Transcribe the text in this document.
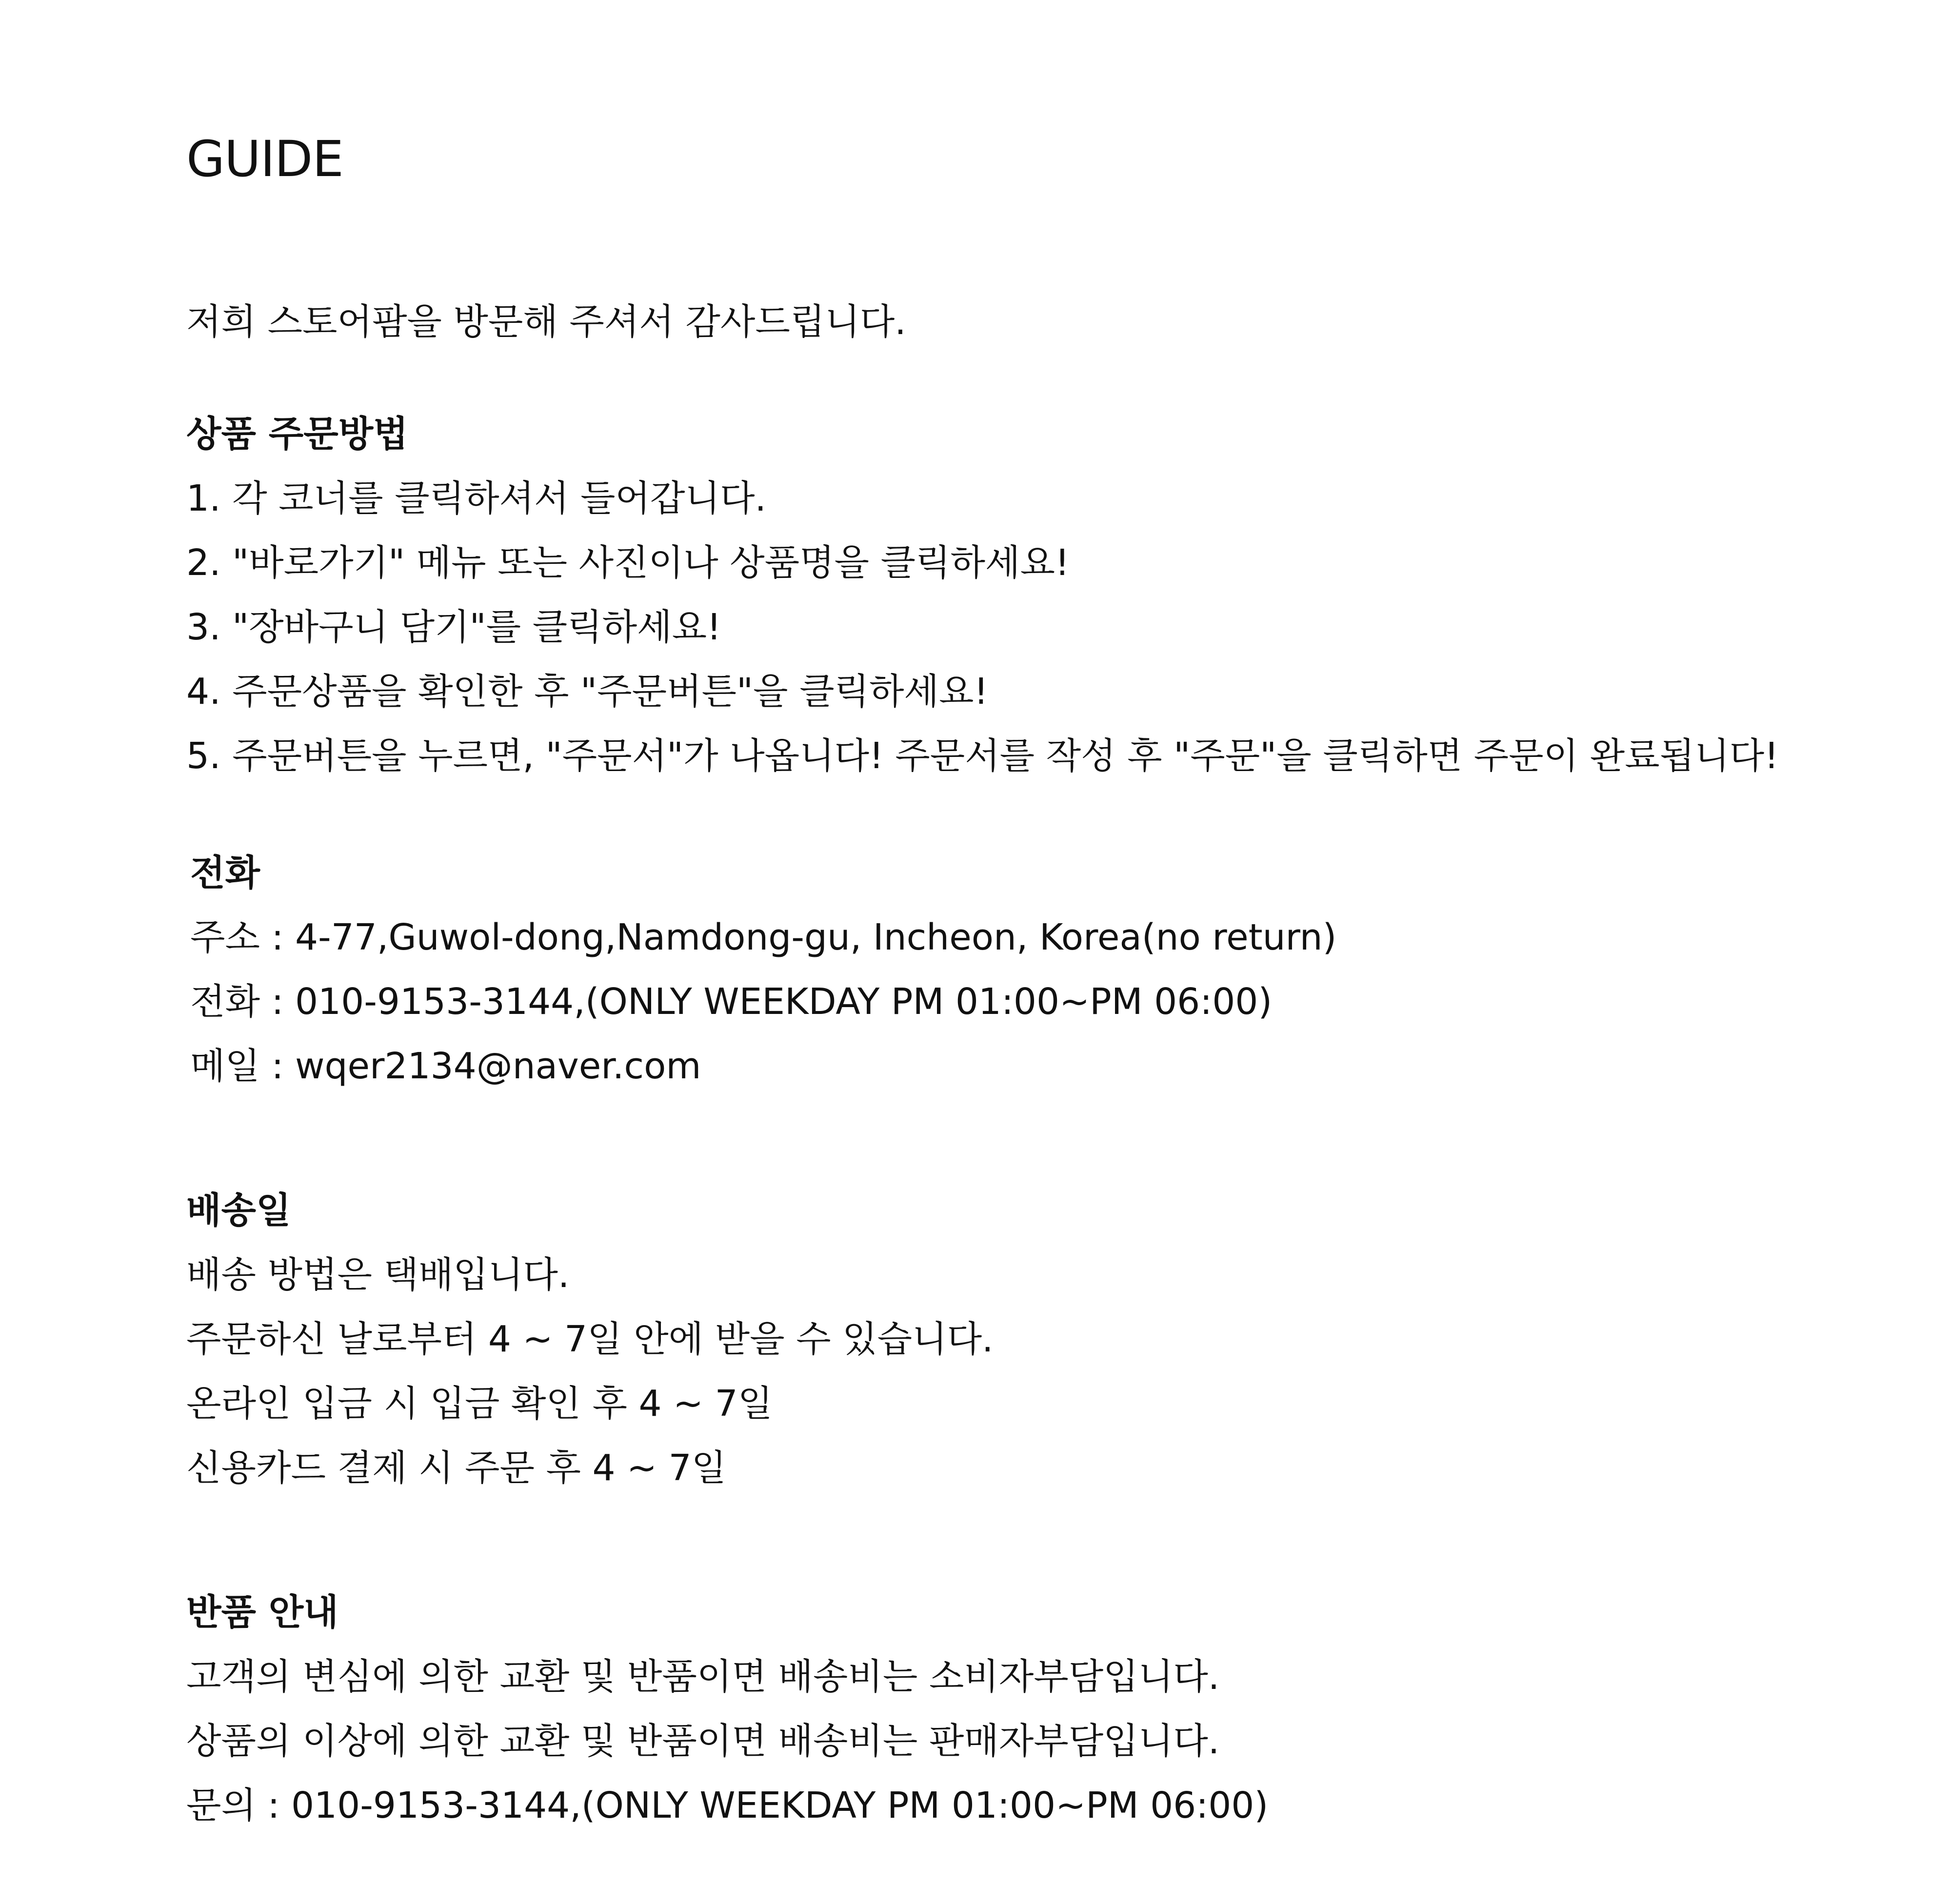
GUIDE
저희 스토어팜을 방문해 주셔서 감사드립니다.
상품 주문방법
1. 각 코너를 클릭하셔서 들어갑니다.
2. "바로가기" 메뉴 또는 사진이나 상품명을 클릭하세요!
3. "장바구니 담기"를 클릭하세요!
4. 주문상품을 확인한 후 "주문버튼"을 클릭하세요!
5. 주문버튼을 누르면, "주문서"가 나옵니다! 주문서를 작성 후 "주문"을 클릭하면 주문이 완료됩니다!
전화
주소 : 4-77,Guwol-dong,Namdong-gu, Incheon, Korea(no return)
전화 : 010-9153-3144,(ONLY WEEKDAY PM 01:00~PM 06:00)
메일 : wqer2134@naver.com
배송일
배송 방법은 택배입니다.
주문하신 날로부터 4 ~ 7일 안에 받을 수 있습니다.
온라인 입금 시 입금 확인 후 4 ~ 7일
신용카드 결제 시 주문 후 4 ~ 7일
반품 안내
고객의 변심에 의한 교환 및 반품이면 배송비는 소비자부담입니다.
상품의 이상에 의한 교환 및 반품이면 배송비는 판매자부담입니다.
문의 : 010-9153-3144,(ONLY WEEKDAY PM 01:00~PM 06:00)
